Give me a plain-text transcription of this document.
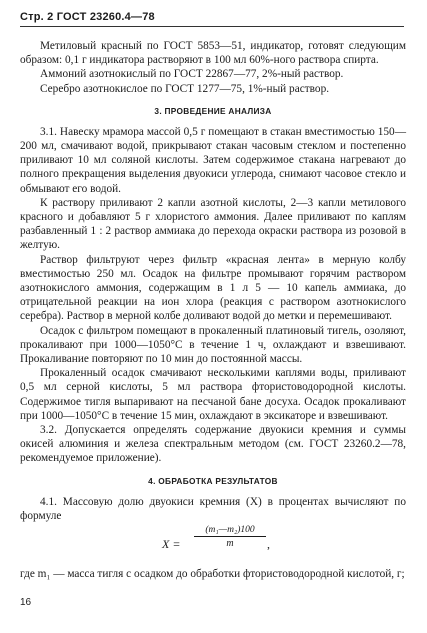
Стр. 2 ГОСТ 23260.4—78

Метиловый красный по ГОСТ 5853—51, индикатор, готовят следующим образом: 0,1 г индикатора растворяют в 100 мл 60%-ного раствора спирта.

Аммоний азотнокислый по ГОСТ 22867—77, 2%-ный раствор.

Серебро азотнокислое по ГОСТ 1277—75, 1%-ный раствор.

3. ПРОВЕДЕНИЕ АНАЛИЗА

3.1. Навеску мрамора массой 0,5 г помещают в стакан вместимостью 150—200 мл, смачивают водой, прикрывают стакан часовым стеклом и постепенно приливают 10 мл соляной кислоты. Затем содержимое стакана нагревают до полного прекращения выделения двуокиси углерода, снимают часовое стекло и обмывают его водой.

К раствору приливают 2 капли азотной кислоты, 2—3 капли метилового красного и добавляют 5 г хлористого аммония. Далее приливают по каплям разбавленный 1 : 2 раствор аммиака до перехода окраски раствора из розовой в желтую.

Раствор фильтруют через фильтр «красная лента» в мерную колбу вместимостью 250 мл. Осадок на фильтре промывают горячим раствором азотнокислого аммония, содержащим в 1 л 5 — 10 капель аммиака, до отрицательной реакции на ион хлора (реакция с раствором азотнокислого серебра). Раствор в мерной колбе доливают водой до метки и перемешивают.

Осадок с фильтром помещают в прокаленный платиновый тигель, озоляют, прокаливают при 1000—1050°С в течение 1 ч, охлаждают и взвешивают. Прокаливание повторяют по 10 мин до постоянной массы.

Прокаленный осадок смачивают несколькими каплями воды, приливают 0,5 мл серной кислоты, 5 мл раствора фтористоводородной кислоты. Содержимое тигля выпаривают на песчаной бане досуха. Осадок прокаливают при 1000—1050°С в течение 15 мин, охлаждают в эксикаторе и взвешивают.

3.2. Допускается определять содержание двуокиси кремния и суммы окисей алюминия и железа спектральным методом (см. ГОСТ 23260.2—78, рекомендуемое приложение).

4. ОБРАБОТКА РЕЗУЛЬТАТОВ

4.1. Массовую долю двуокиси кремния (X) в процентах вычисляют по формуле

X =
(m₁—m₂)100
m	,

где m₁ — масса тигля с осадком до обработки фтористоводородной кислотой, г;

16
